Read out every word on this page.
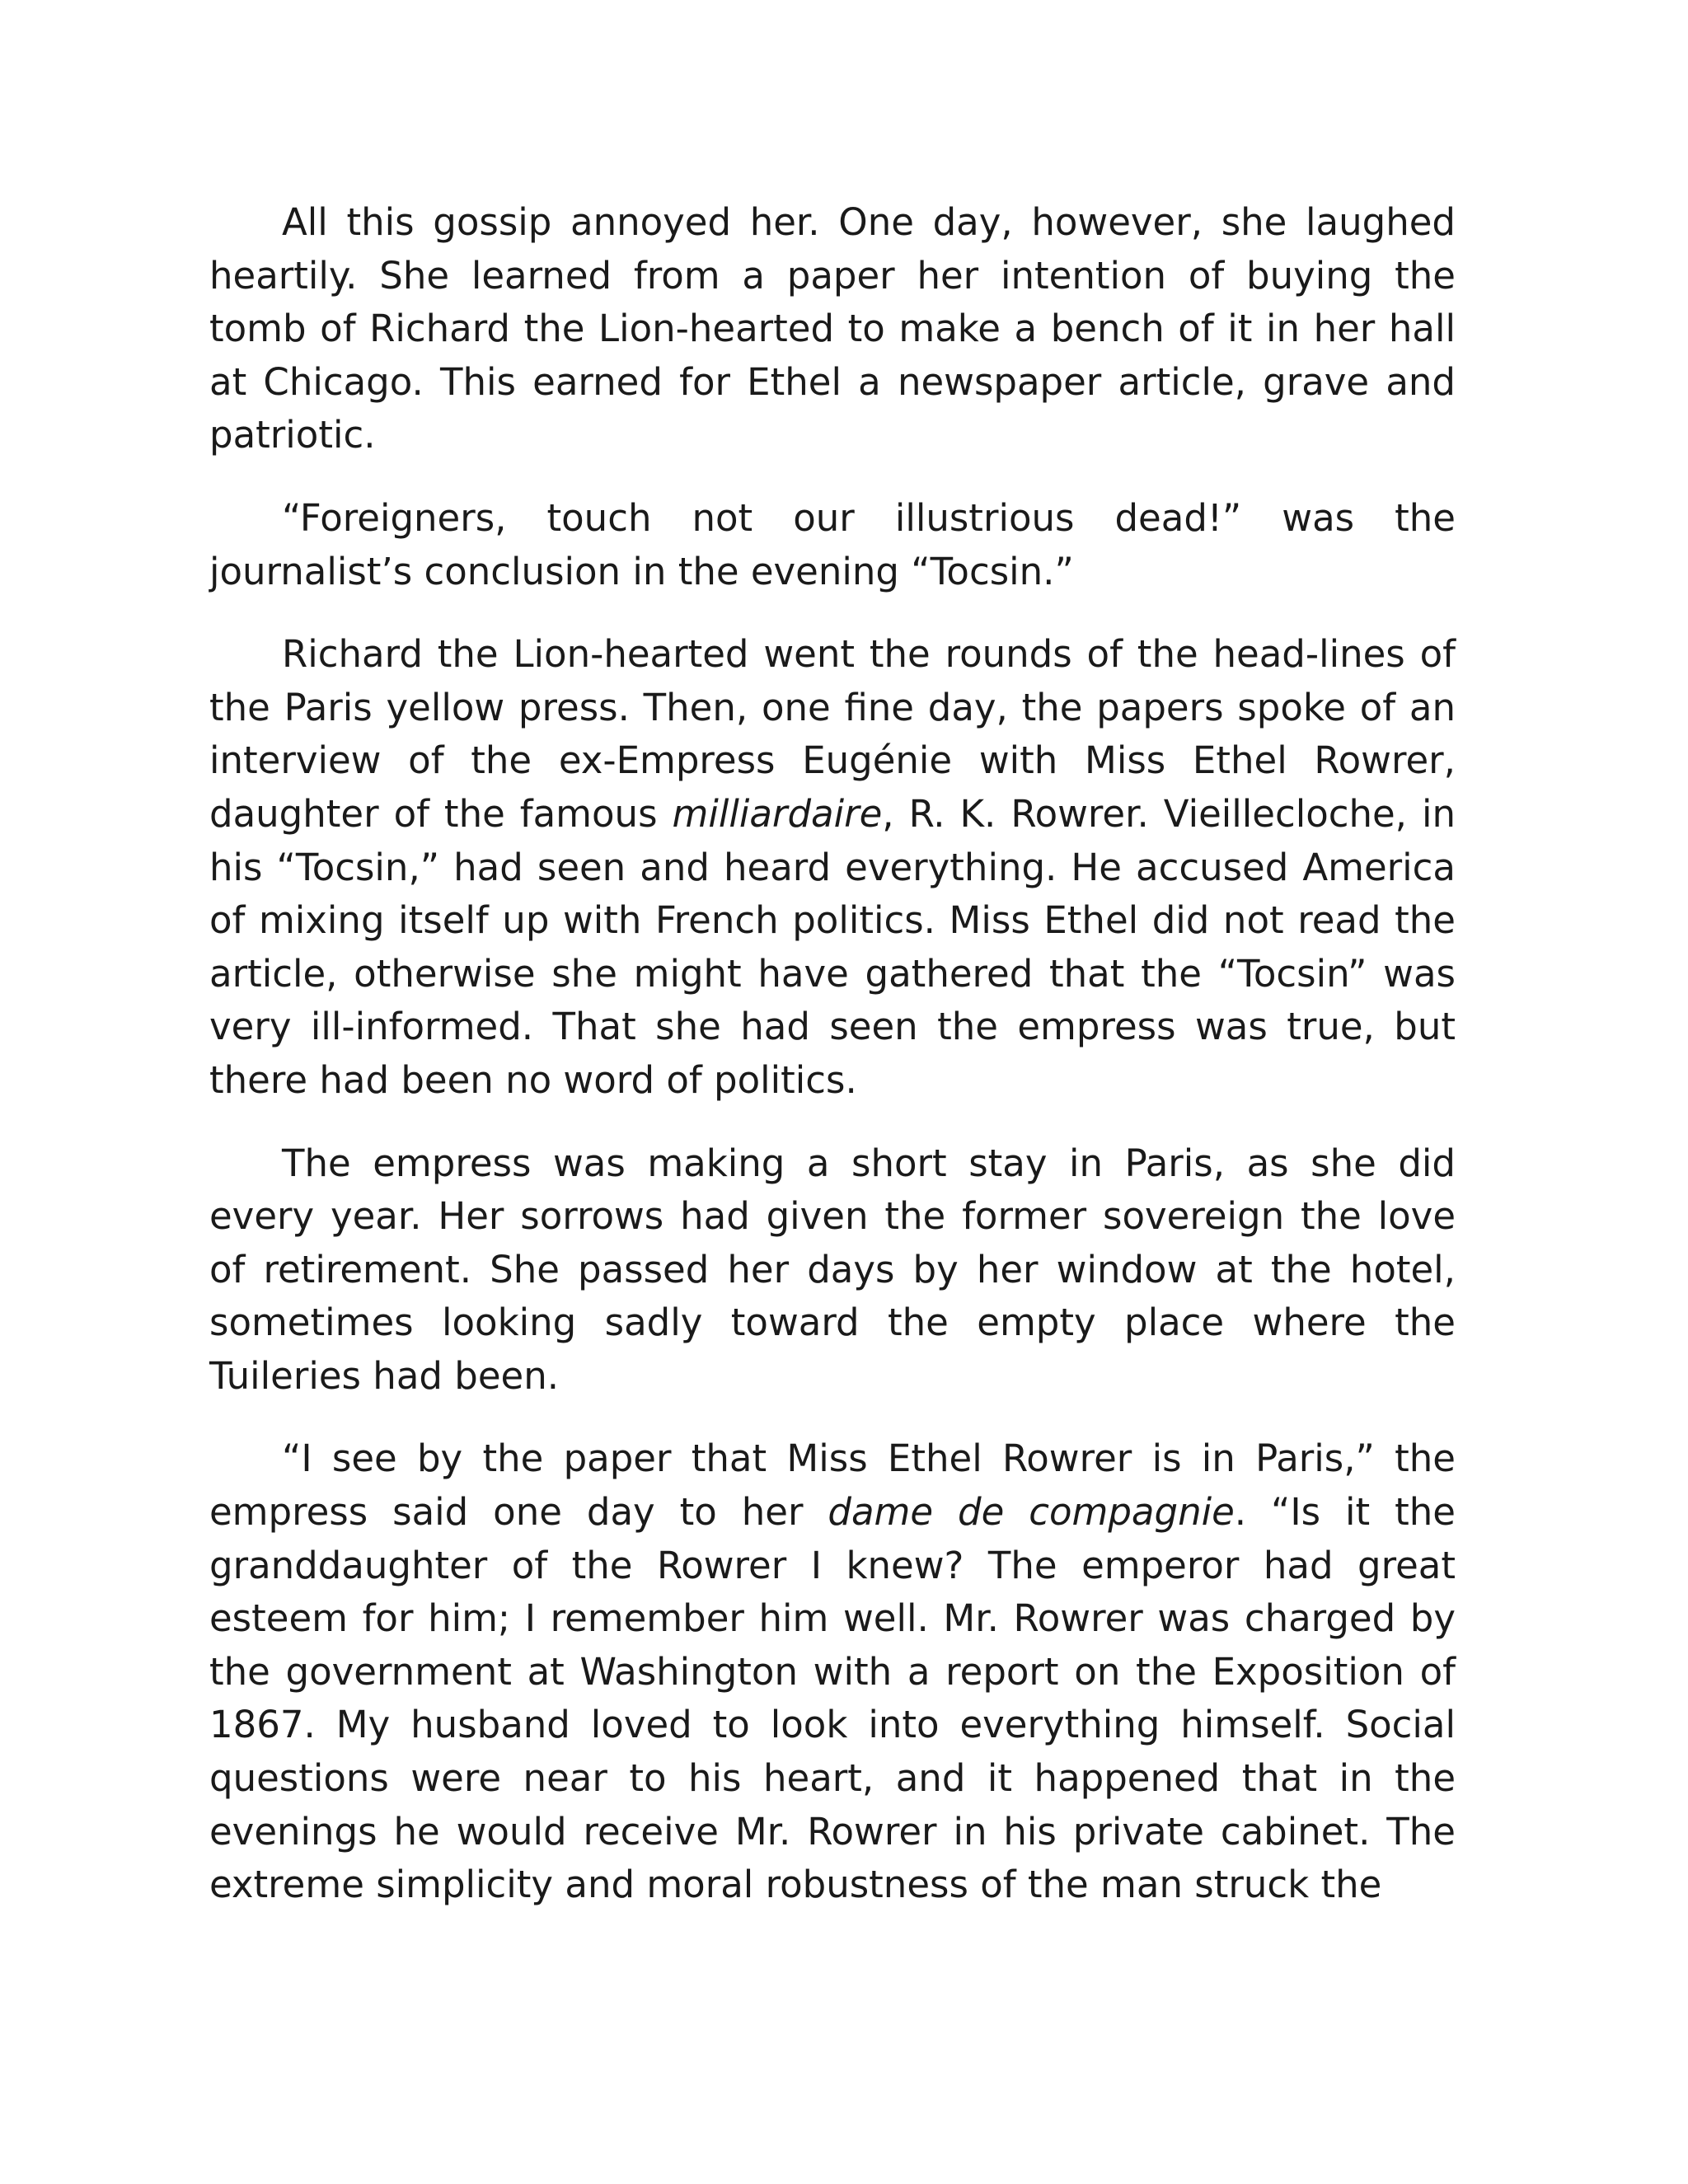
All this gossip annoyed her. One day, however, she laughed heartily. She learned from a paper her intention of buying the tomb of Richard the Lion-hearted to make a bench of it in her hall at Chicago. This earned for Ethel a newspaper article, grave and patriotic.

“Foreigners, touch not our illustrious dead!” was the journalist’s conclusion in the evening “Tocsin.”

Richard the Lion-hearted went the rounds of the head-lines of the Paris yellow press. Then, one fine day, the papers spoke of an interview of the ex-Empress Eugénie with Miss Ethel Rowrer, daughter of the famous milliardaire, R. K. Rowrer. Vieillecloche, in his “Tocsin,” had seen and heard everything. He accused America of mixing itself up with French politics. Miss Ethel did not read the article, otherwise she might have gathered that the “Tocsin” was very ill-informed. That she had seen the empress was true, but there had been no word of politics.

The empress was making a short stay in Paris, as she did every year. Her sorrows had given the former sovereign the love of retirement. She passed her days by her window at the hotel, sometimes looking sadly toward the empty place where the Tuileries had been.

“I see by the paper that Miss Ethel Rowrer is in Paris,” the empress said one day to her dame de compagnie. “Is it the granddaughter of the Rowrer I knew? The emperor had great esteem for him; I remember him well. Mr. Rowrer was charged by the government at Washington with a report on the Exposition of 1867. My husband loved to look into everything himself. Social questions were near to his heart, and it happened that in the evenings he would receive Mr. Rowrer in his private cabinet. The extreme simplicity and moral robustness of the man struck the
